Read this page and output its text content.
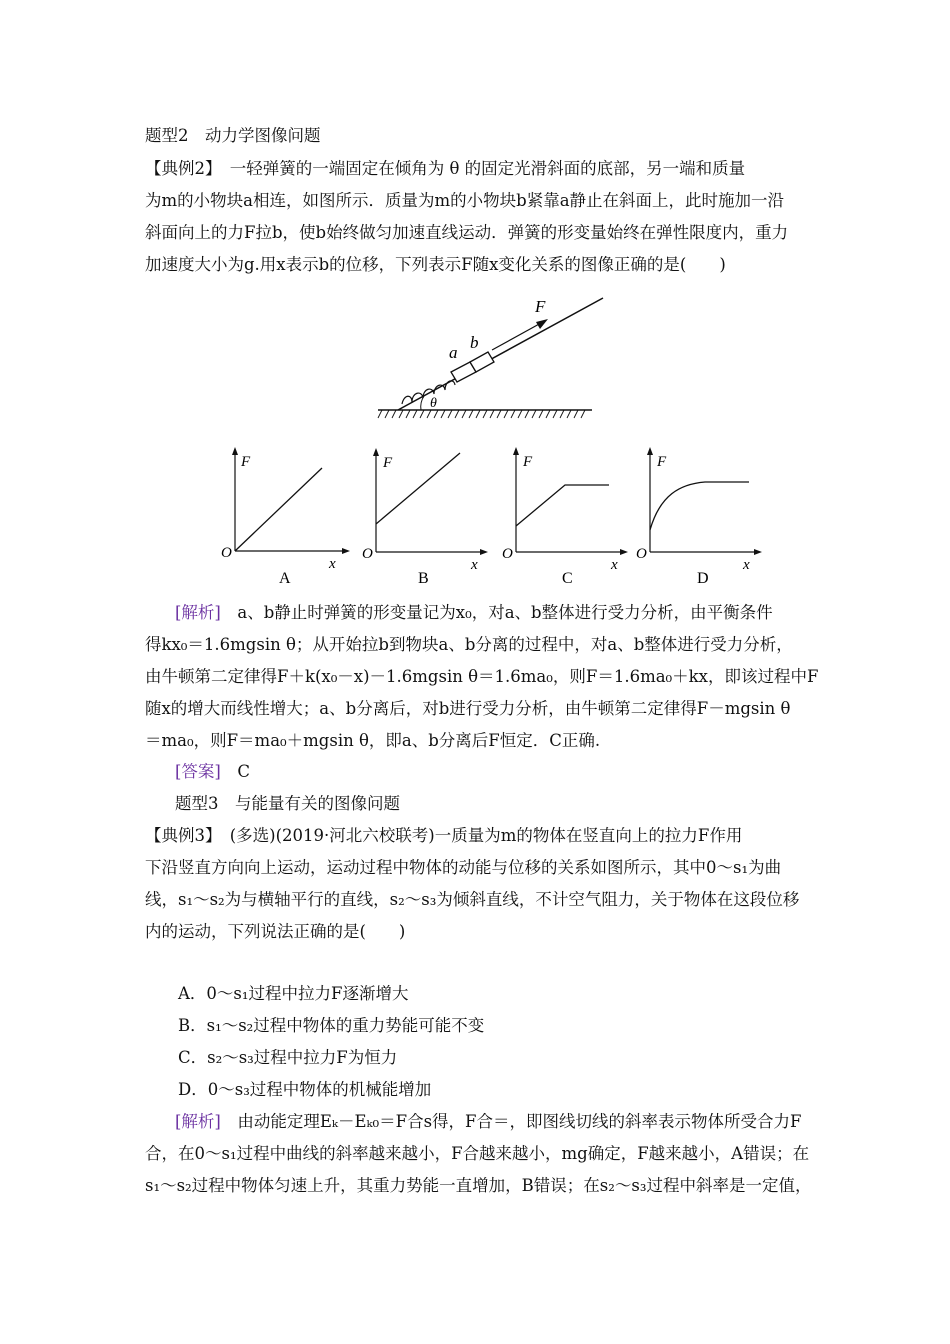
题型2　动力学图像问题
【典例2】　一轻弹簧的一端固定在倾角为 θ 的固定光滑斜面的底部，另一端和质量
为m的小物块a相连，如图所示．质量为m的小物块b紧靠a静止在斜面上，此时施加一沿
斜面向上的力F拉b，使b始终做匀加速直线运动．弹簧的形变量始终在弹性限度内，重力
加速度大小为g.用x表示b的位移，下列表示F随x变化关系的图像正确的是(　　)
θ
a
b
F
F
O
x
A
F
O
x
B
F
O
x
C
F
O
x
D
[解析]　a、b静止时弹簧的形变量记为x₀，对a、b整体进行受力分析，由平衡条件
得kx₀＝1.6mgsin θ；从开始拉b到物块a、b分离的过程中，对a、b整体进行受力分析，
由牛顿第二定律得F＋k(x₀－x)－1.6mgsin θ＝1.6ma₀，则F＝1.6ma₀＋kx，即该过程中F
随x的增大而线性增大；a、b分离后，对b进行受力分析，由牛顿第二定律得F－mgsin θ
＝ma₀，则F＝ma₀＋mgsin θ，即a、b分离后F恒定．C正确.
[答案]　C
题型3　与能量有关的图像问题
【典例3】　(多选)(2019·河北六校联考)一质量为m的物体在竖直向上的拉力F作用
下沿竖直方向向上运动，运动过程中物体的动能与位移的关系如图所示，其中0～s₁为曲
线，s₁～s₂为与横轴平行的直线，s₂～s₃为倾斜直线，不计空气阻力，关于物体在这段位移
内的运动，下列说法正确的是(　　)
A．0～s₁过程中拉力F逐渐增大
B．s₁～s₂过程中物体的重力势能可能不变
C．s₂～s₃过程中拉力F为恒力
D．0～s₃过程中物体的机械能增加
[解析]　由动能定理Eₖ－Eₖ₀＝F合s得，F合＝，即图线切线的斜率表示物体所受合力F
合，在0～s₁过程中曲线的斜率越来越小，F合越来越小，mg确定，F越来越小，A错误；在
s₁～s₂过程中物体匀速上升，其重力势能一直增加，B错误；在s₂～s₃过程中斜率是一定值，
